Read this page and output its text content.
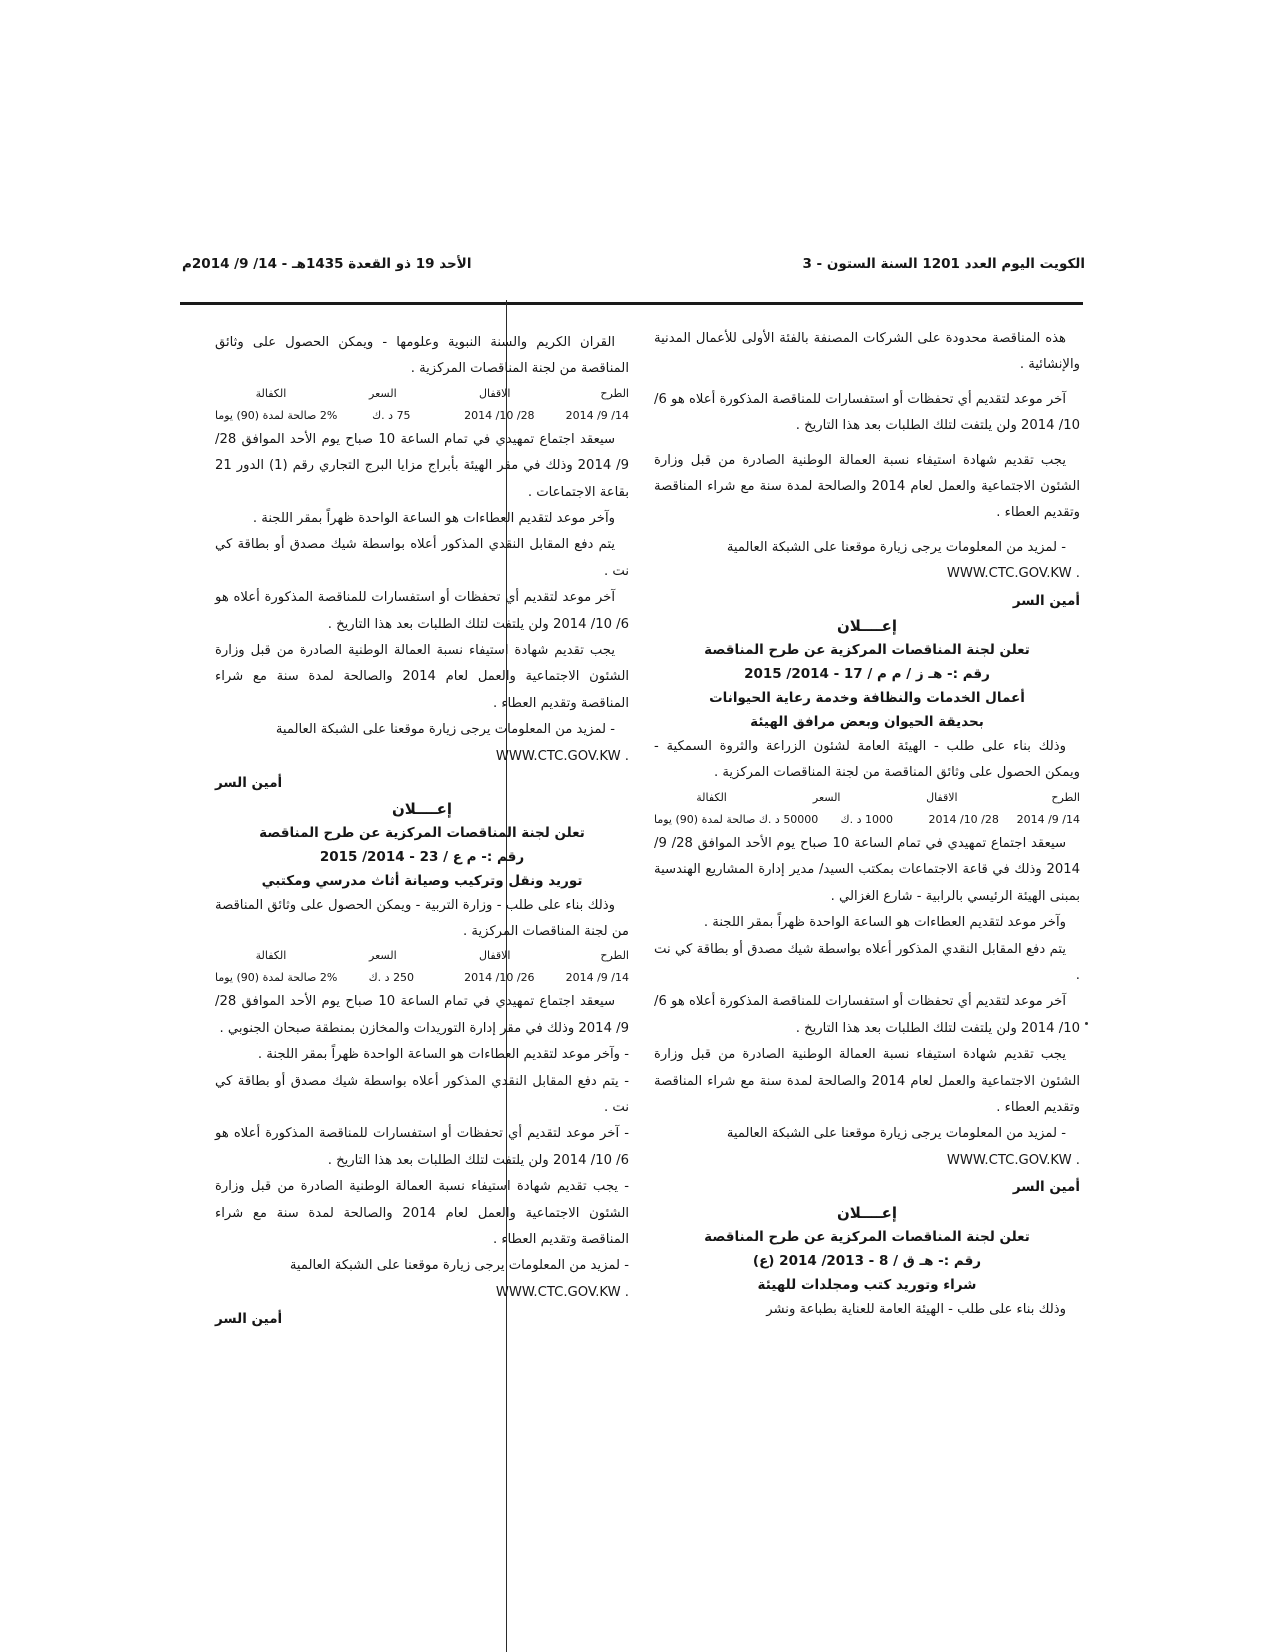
الكويت اليوم العدد 1201 السنة الستون - 3
الأحد 19 ذو القعدة 1435هـ - 14/ 9/ 2014م

هذه المناقصة محدودة على الشركات المصنفة بالفئة الأولى للأعمال المدنية والإنشائية .

آخر موعد لتقديم أي تحفظات أو استفسارات للمناقصة المذكورة أعلاه هو 6/ 10/ 2014 ولن يلتفت لتلك الطلبات بعد هذا التاريخ .

يجب تقديم شهادة استيفاء نسبة العمالة الوطنية الصادرة من قبل وزارة الشئون الاجتماعية والعمل لعام 2014 والصالحة لمدة سنة مع شراء المناقصة وتقديم العطاء .

- لمزيد من المعلومات يرجى زيارة موقعنا على الشبكة العالمية

WWW.CTC.GOV.KW .

أمين السر

إعــــلان

تعلن لجنة المناقصات المركزية عن طرح المناقصة

رقم :- هـ ز / م م / 17 - 2014/ 2015

أعمال الخدمات والنظافة وخدمة رعاية الحيوانات

بحديقة الحيوان وبعض مرافق الهيئة

وذلك بناء على طلب - الهيئة العامة لشئون الزراعة والثروة السمكية - ويمكن الحصول على وثائق المناقصة من لجنة المناقصات المركزية .

الطرح
الاقفال
السعر
الكفالة
14/ 9/ 2014
28/ 10/ 2014
1000 د .ك
50000 د .ك صالحة لمدة (90) يوما

سيعقد اجتماع تمهيدي في تمام الساعة 10 صباح يوم الأحد الموافق 28/ 9/ 2014 وذلك في قاعة الاجتماعات بمكتب السيد/ مدير إدارة المشاريع الهندسية بمبنى الهيئة الرئيسي بالرابية - شارع الغزالي .

وآخر موعد لتقديم العطاءات هو الساعة الواحدة ظهراً بمقر اللجنة .

يتم دفع المقابل النقدي المذكور أعلاه بواسطة شيك مصدق أو بطاقة كي نت .

آخر موعد لتقديم أي تحفظات أو استفسارات للمناقصة المذكورة أعلاه هو 6/ 10/ 2014 ولن يلتفت لتلك الطلبات بعد هذا التاريخ .

يجب تقديم شهادة استيفاء نسبة العمالة الوطنية الصادرة من قبل وزارة الشئون الاجتماعية والعمل لعام 2014 والصالحة لمدة سنة مع شراء المناقصة وتقديم العطاء .

- لمزيد من المعلومات يرجى زيارة موقعنا على الشبكة العالمية

WWW.CTC.GOV.KW .

أمين السر

إعــــلان

تعلن لجنة المناقصات المركزية عن طرح المناقصة

رقم :- هـ ق / 8 - 2013/ 2014 (ع)

شراء وتوريد كتب ومجلدات للهيئة

وذلك بناء على طلب - الهيئة العامة للعناية بطباعة ونشر

القران الكريم والسنة النبوية وعلومها - ويمكن الحصول على وثائق المناقصة من لجنة المناقصات المركزية .

الطرح
الاقفال
السعر
الكفالة
14/ 9/ 2014
28/ 10/ 2014
75 د .ك
2% صالحة لمدة (90) يوما

سيعقد اجتماع تمهيدي في تمام الساعة 10 صباح يوم الأحد الموافق 28/ 9/ 2014 وذلك في مقر الهيئة بأبراج مزايا البرج التجاري رقم (1) الدور 21 بقاعة الاجتماعات .

وآخر موعد لتقديم العطاءات هو الساعة الواحدة ظهراً بمقر اللجنة .

يتم دفع المقابل النقدي المذكور أعلاه بواسطة شيك مصدق أو بطاقة كي نت .

آخر موعد لتقديم أي تحفظات أو استفسارات للمناقصة المذكورة أعلاه هو 6/ 10/ 2014 ولن يلتفت لتلك الطلبات بعد هذا التاريخ .

يجب تقديم شهادة استيفاء نسبة العمالة الوطنية الصادرة من قبل وزارة الشئون الاجتماعية والعمل لعام 2014 والصالحة لمدة سنة مع شراء المناقصة وتقديم العطاء .

- لمزيد من المعلومات يرجى زيارة موقعنا على الشبكة العالمية

WWW.CTC.GOV.KW .

أمين السر

إعــــلان

تعلن لجنة المناقصات المركزية عن طرح المناقصة

رقم :- م ع / 23 - 2014/ 2015

توريد ونقل وتركيب وصيانة أثاث مدرسي ومكتبي

وذلك بناء على طلب - وزارة التربية - ويمكن الحصول على وثائق المناقصة من لجنة المناقصات المركزية .

الطرح
الاقفال
السعر
الكفالة
14/ 9/ 2014
26/ 10/ 2014
250 د .ك
2% صالحة لمدة (90) يوما

سيعقد اجتماع تمهيدي في تمام الساعة 10 صباح يوم الأحد الموافق 28/ 9/ 2014 وذلك في مقر إدارة التوريدات والمخازن بمنطقة صبحان الجنوبي .

- وآخر موعد لتقديم العطاءات هو الساعة الواحدة ظهراً بمقر اللجنة .

- يتم دفع المقابل النقدي المذكور أعلاه بواسطة شيك مصدق أو بطاقة كي نت .

- آخر موعد لتقديم أي تحفظات أو استفسارات للمناقصة المذكورة أعلاه هو 6/ 10/ 2014 ولن يلتفت لتلك الطلبات بعد هذا التاريخ .

- يجب تقديم شهادة استيفاء نسبة العمالة الوطنية الصادرة من قبل وزارة الشئون الاجتماعية والعمل لعام 2014 والصالحة لمدة سنة مع شراء المناقصة وتقديم العطاء .

- لمزيد من المعلومات يرجى زيارة موقعنا على الشبكة العالمية

WWW.CTC.GOV.KW .

أمين السر
